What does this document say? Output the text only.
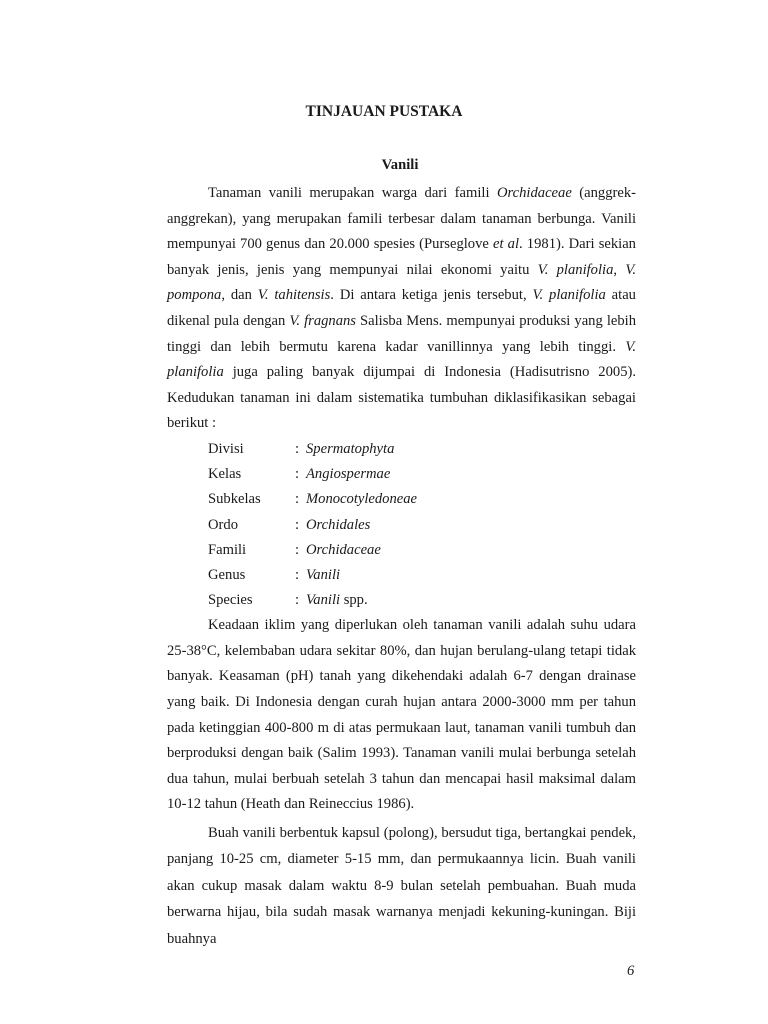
TINJAUAN PUSTAKA
Vanili

Tanaman vanili merupakan warga dari famili Orchidaceae (anggrek-anggrekan), yang merupakan famili terbesar dalam tanaman berbunga. Vanili mempunyai 700 genus dan 20.000 spesies (Purseglove et al. 1981). Dari sekian banyak jenis, jenis yang mempunyai nilai ekonomi yaitu V. planifolia, V. pompona, dan V. tahitensis. Di antara ketiga jenis tersebut, V. planifolia atau dikenal pula dengan V. fragnans Salisba Mens. mempunyai produksi yang lebih tinggi dan lebih bermutu karena kadar vanillinnya yang lebih tinggi. V. planifolia juga paling banyak dijumpai di Indonesia (Hadisutrisno 2005). Kedudukan tanaman ini dalam sistematika tumbuhan diklasifikasikan sebagai berikut :

Divisi	: Spermatophyta
Kelas	: Angiospermae
Subkelas	: Monocotyledoneae
Ordo	: Orchidales
Famili	: Orchidaceae
Genus	: Vanili
Species	: Vanili spp.

Keadaan iklim yang diperlukan oleh tanaman vanili adalah suhu udara 25-38°C, kelembaban udara sekitar 80%, dan hujan berulang-ulang tetapi tidak banyak. Keasaman (pH) tanah yang dikehendaki adalah 6-7 dengan drainase yang baik. Di Indonesia dengan curah hujan antara 2000-3000 mm per tahun pada ketinggian 400-800 m di atas permukaan laut, tanaman vanili tumbuh dan berproduksi dengan baik (Salim 1993). Tanaman vanili mulai berbunga setelah dua tahun, mulai berbuah setelah 3 tahun dan mencapai hasil maksimal dalam 10-12 tahun (Heath dan Reineccius 1986).

Buah vanili berbentuk kapsul (polong), bersudut tiga, bertangkai pendek, panjang 10-25 cm, diameter 5-15 mm, dan permukaannya licin. Buah vanili akan cukup masak dalam waktu 8-9 bulan setelah pembuahan. Buah muda berwarna hijau, bila sudah masak warnanya menjadi kekuning-kuningan. Biji buahnya

6
